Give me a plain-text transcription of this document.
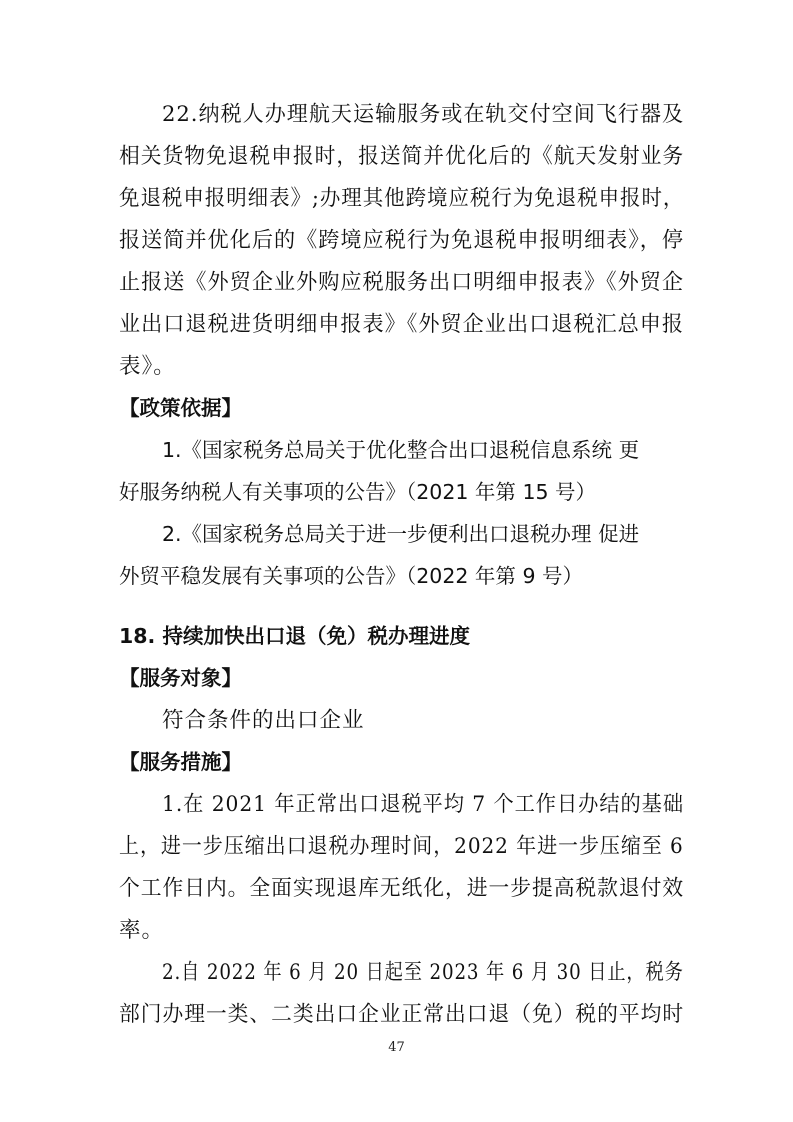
22.纳税人办理航天运输服务或在轨交付空间飞行器及
相关货物免退税申报时，报送简并优化后的《航天发射业务
免退税申报明细表》;办理其他跨境应税行为免退税申报时，
报送简并优化后的《跨境应税行为免退税申报明细表》，停
止报送《外贸企业外购应税服务出口明细申报表》《外贸企
业出口退税进货明细申报表》《外贸企业出口退税汇总申报
表》。
【政策依据】
1.《国家税务总局关于优化整合出口退税信息系统 更
好服务纳税人有关事项的公告》（2021 年第 15 号）
2.《国家税务总局关于进一步便利出口退税办理 促进
外贸平稳发展有关事项的公告》（2022 年第 9 号）
18. 持续加快出口退（免）税办理进度
【服务对象】
符合条件的出口企业
【服务措施】
1.在 2021 年正常出口退税平均 7 个工作日办结的基础
上，进一步压缩出口退税办理时间，2022 年进一步压缩至 6
个工作日内。全面实现退库无纸化，进一步提高税款退付效
率。
2.自 2022 年 6 月 20 日起至 2023 年 6 月 30 日止，税务
部门办理一类、二类出口企业正常出口退（免）税的平均时
47
